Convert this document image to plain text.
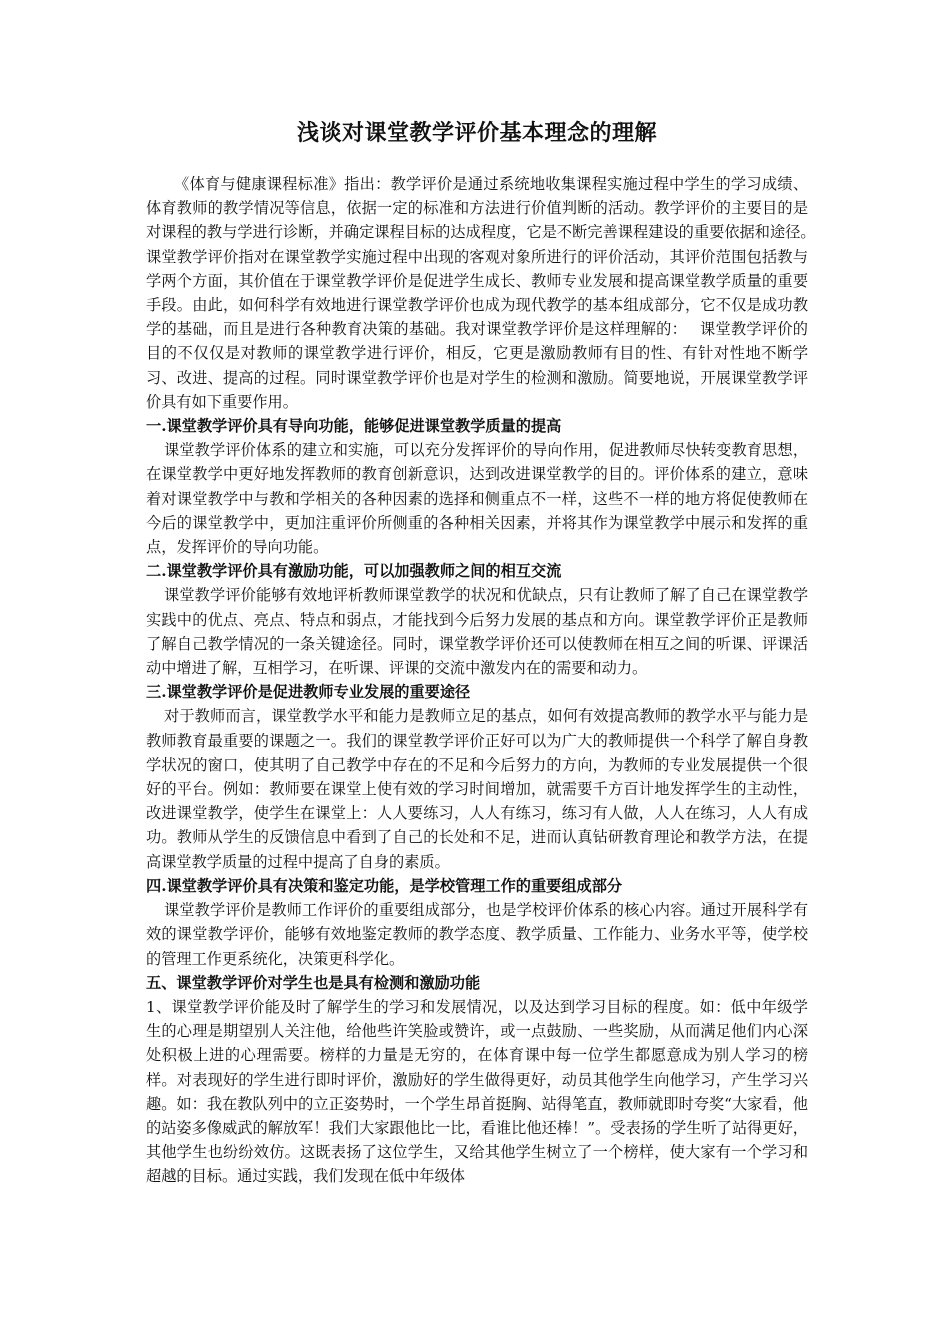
浅谈对课堂教学评价基本理念的理解

《体育与健康课程标准》指出：教学评价是通过系统地收集课程实施过程中学生的学习成绩、体育教师的教学情况等信息，依据一定的标准和方法进行价值判断的活动。教学评价的主要目的是对课程的教与学进行诊断，并确定课程目标的达成程度，它是不断完善课程建设的重要依据和途径。　课堂教学评价指对在课堂教学实施过程中出现的客观对象所进行的评价活动，其评价范围包括教与学两个方面，其价值在于课堂教学评价是促进学生成长、教师专业发展和提高课堂教学质量的重要手段。由此，如何科学有效地进行课堂教学评价也成为现代教学的基本组成部分，它不仅是成功教学的基础，而且是进行各种教育决策的基础。我对课堂教学评价是这样理解的：　 课堂教学评价的目的不仅仅是对教师的课堂教学进行评价，相反，它更是激励教师有目的性、有针对性地不断学习、改进、提高的过程。同时课堂教学评价也是对学生的检测和激励。简要地说，开展课堂教学评价具有如下重要作用。

一.课堂教学评价具有导向功能，能够促进课堂教学质量的提高

课堂教学评价体系的建立和实施，可以充分发挥评价的导向作用，促进教师尽快转变教育思想，在课堂教学中更好地发挥教师的教育创新意识，达到改进课堂教学的目的。评价体系的建立，意味着对课堂教学中与教和学相关的各种因素的选择和侧重点不一样，这些不一样的地方将促使教师在今后的课堂教学中，更加注重评价所侧重的各种相关因素，并将其作为课堂教学中展示和发挥的重点，发挥评价的导向功能。

二.课堂教学评价具有激励功能，可以加强教师之间的相互交流

课堂教学评价能够有效地评析教师课堂教学的状况和优缺点，只有让教师了解了自己在课堂教学实践中的优点、亮点、特点和弱点，才能找到今后努力发展的基点和方向。课堂教学评价正是教师了解自己教学情况的一条关键途径。同时，课堂教学评价还可以使教师在相互之间的听课、评课活动中增进了解，互相学习，在听课、评课的交流中激发内在的需要和动力。

三.课堂教学评价是促进教师专业发展的重要途径

对于教师而言，课堂教学水平和能力是教师立足的基点，如何有效提高教师的教学水平与能力是教师教育最重要的课题之一。我们的课堂教学评价正好可以为广大的教师提供一个科学了解自身教学状况的窗口，使其明了自己教学中存在的不足和今后努力的方向，为教师的专业发展提供一个很好的平台。例如：教师要在课堂上使有效的学习时间增加，就需要千方百计地发挥学生的主动性，改进课堂教学，使学生在课堂上：人人要练习，人人有练习，练习有人做，人人在练习，人人有成功。教师从学生的反馈信息中看到了自己的长处和不足，进而认真钻研教育理论和教学方法，在提高课堂教学质量的过程中提高了自身的素质。

四.课堂教学评价具有决策和鉴定功能，是学校管理工作的重要组成部分

课堂教学评价是教师工作评价的重要组成部分，也是学校评价体系的核心内容。通过开展科学有效的课堂教学评价，能够有效地鉴定教师的教学态度、教学质量、工作能力、业务水平等，使学校的管理工作更系统化，决策更科学化。

五、课堂教学评价对学生也是具有检测和激励功能

1、课堂教学评价能及时了解学生的学习和发展情况，以及达到学习目标的程度。如：低中年级学生的心理是期望别人关注他，给他些许笑脸或赞许，或一点鼓励、一些奖励，从而满足他们内心深处积极上进的心理需要。榜样的力量是无穷的，在体育课中每一位学生都愿意成为别人学习的榜样。对表现好的学生进行即时评价，激励好的学生做得更好，动员其他学生向他学习，产生学习兴趣。如：我在教队列中的立正姿势时，一个学生昂首挺胸、站得笔直，教师就即时夸奖“大家看，他的站姿多像威武的解放军！我们大家跟他比一比，看谁比他还棒！”。受表扬的学生听了站得更好，其他学生也纷纷效仿。这既表扬了这位学生，又给其他学生树立了一个榜样，使大家有一个学习和超越的目标。通过实践，我们发现在低中年级体
